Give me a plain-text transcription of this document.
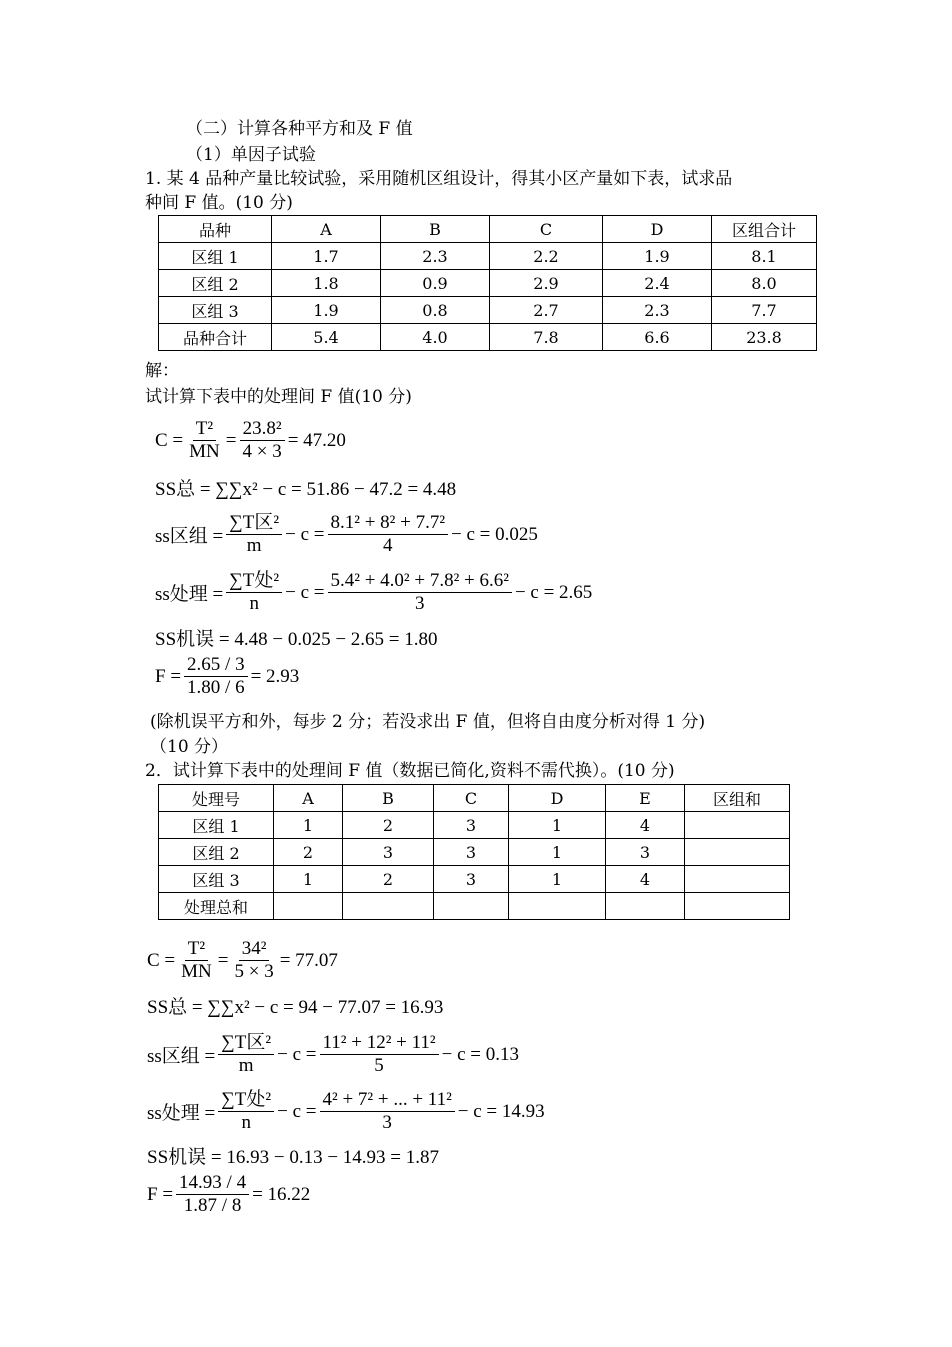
（二）计算各种平方和及 F 值
（1）单因子试验
1. 某 4 品种产量比较试验，采用随机区组设计，得其小区产量如下表，试求品
种间 F 值。(10 分)
品种	A	B	C	D	区组合计
区组 1	1.7	2.3	2.2	1.9	8.1
区组 2	1.8	0.9	2.9	2.4	8.0
区组 3	1.9	0.8	2.7	2.3	7.7
品种合计	5.4	4.0	7.8	6.6	23.8
解：
试计算下表中的处理间 F 值(10 分)
$C = \frac{\text{T²}}{MN} = \frac{\text{23.8²}}{4 \times 3} = 47.20$
SS总 = ∑∑x² − c = 51.86 − 47.2 = 4.48
ss区组 = $\frac{\text{∑T区²}}{m} - c = \frac{\text{8.1² + 8² + 7.7²}}{4} - c = 0.025$
ss处理 = $\frac{\text{∑T处²}}{n} - c = \frac{\text{5.4² + 4.0² + 7.8² + 6.6²}}{3} - c = 2.65$
SS机误 = 4.48 − 0.025 − 2.65 = 1.80
$F = \frac{2.65 / 3}{1.80 / 6} = 2.93$
(除机误平方和外，每步 2 分；若没求出 F 值，但将自由度分析对得 1 分)
（10 分）
2．试计算下表中的处理间 F 值（数据已简化,资料不需代换）。(10 分)
处理号	A	B	C	D	E	区组和
区组 1	1	2	3	1	4	
区组 2	2	3	3	1	3	
区组 3	1	2	3	1	4	
处理总和						
$C = \frac{\text{T²}}{MN} = \frac{\text{34²}}{5 \times 3} = 77.07$
SS总 = ∑∑x² − c = 94 − 77.07 = 16.93
ss区组 = $\frac{\text{∑T区²}}{m} - c = \frac{\text{11² + 12² + 11²}}{5} - c = 0.13$
ss处理 = $\frac{\text{∑T处²}}{n} - c = \frac{\text{4² + 7² + ... + 11²}}{3} - c = 14.93$
SS机误 = 16.93 − 0.13 − 14.93 = 1.87
$F = \frac{14.93 / 4}{1.87 / 8} = 16.22$
